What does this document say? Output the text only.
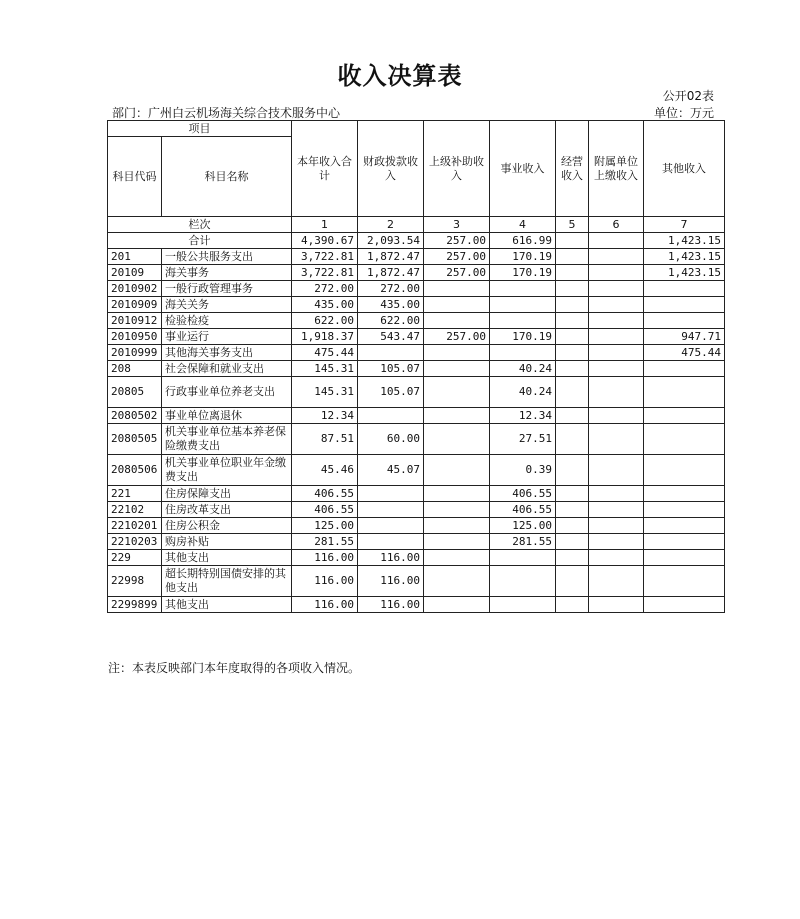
收入决算表
公开02表
部门：广州白云机场海关综合技术服务中心	单位：万元
项目		本年收入合计	财政拨款收入	上级补助收入	事业收入	经营收入	附属单位上缴收入	其他收入
科目代码	科目名称							
栏次		1	2	3	4	5	6	7
合计		4,390.67	2,093.54	257.00	616.99			1,423.15
201	一般公共服务支出	3,722.81	1,872.47	257.00	170.19			1,423.15
20109	海关事务	3,722.81	1,872.47	257.00	170.19			1,423.15
2010902	一般行政管理事务	272.00	272.00					
2010909	海关关务	435.00	435.00					
2010912	检验检疫	622.00	622.00					
2010950	事业运行	1,918.37	543.47	257.00	170.19			947.71
2010999	其他海关事务支出	475.44						475.44
208	社会保障和就业支出	145.31	105.07		40.24			
20805	行政事业单位养老支出	145.31	105.07		40.24			
2080502	事业单位离退休	12.34			12.34			
2080505	机关事业单位基本养老保险缴费支出	87.51	60.00		27.51			
2080506	机关事业单位职业年金缴费支出	45.46	45.07		0.39			
221	住房保障支出	406.55			406.55			
22102	住房改革支出	406.55			406.55			
2210201	住房公积金	125.00			125.00			
2210203	购房补贴	281.55			281.55			
229	其他支出	116.00	116.00					
22998	超长期特别国债安排的其他支出	116.00	116.00					
2299899	其他支出	116.00	116.00					
注：本表反映部门本年度取得的各项收入情况。
